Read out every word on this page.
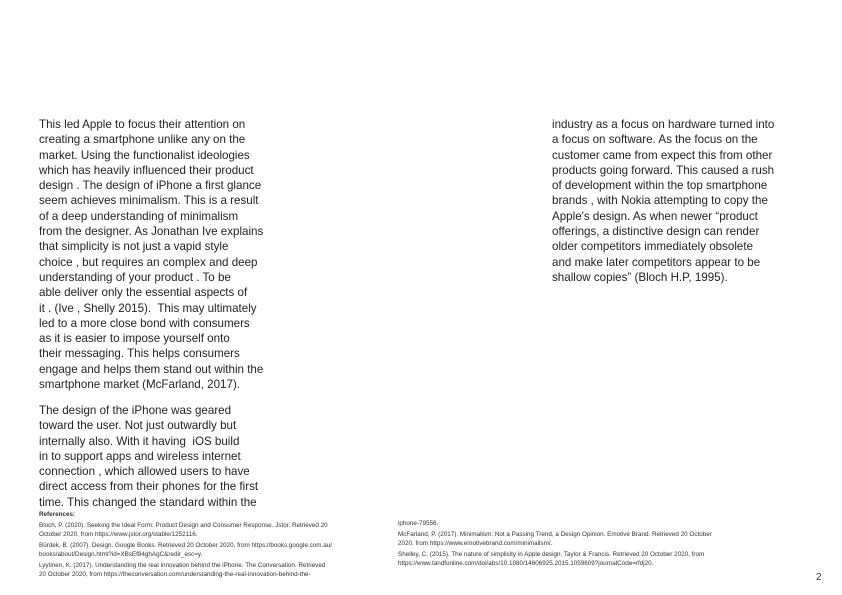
This led Apple to focus their attention on

creating a smartphone unlike any on the

market. Using the functionalist ideologies

which has heavily influenced their product

design . The design of iPhone a first glance

seem achieves minimalism. This is a result

of a deep understanding of minimalism

from the designer. As Jonathan Ive explains

that simplicity is not just a vapid style

choice , but requires an complex and deep

understanding of your product . To be

able deliver only the essential aspects of

it . (Ive , Shelly 2015).  This may ultimately

led to a more close bond with consumers

as it is easier to impose yourself onto

their messaging. This helps consumers

engage and helps them stand out within the

smartphone market (McFarland, 2017).

The design of the iPhone was geared

toward the user. Not just outwardly but

internally also. With it having  iOS build

in to support apps and wireless internet

connection , which allowed users to have

direct access from their phones for the first

time. This changed the standard within the

industry as a focus on hardware turned into

a focus on software. As the focus on the

customer came from expect this from other

products going forward. This caused a rush

of development within the top smartphone

brands , with Nokia attempting to copy the

Apple's design. As when newer “product

offerings, a distinctive design can render

older competitors immediately obsolete

and make later competitors appear to be

shallow copies” (Bloch H.P, 1995).

References:

Bloch, P. (2020). Seeking the Ideal Form: Product Design and Consumer Response. Jstor. Retrieved 20

October 2020, from https://www.jstor.org/stable/1252116.

Bürdek, B. (2007). Design. Google Books. Retrieved 20 October 2020, from https://books.google.com.au/

books/about/Design.html?id=XBsEf84ghAgC&redir_esc=y.

Lyytinen, K. (2017). Understanding the real innovation behind the iPhone. The Conversation. Retrieved

20 October 2020, from https://theconversation.com/understanding-the-real-innovation-behind-the-

iphone-79556.

McFarland, P. (2017). Minimalism: Not a Passing Trend, a Design Opinion. Emotive Brand. Retrieved 20 October

2020, from https://www.emotivebrand.com/minimalism/.

Shelley, C. (2015). The nature of simplicity in Apple design. Taylor & Francis. Retrieved 20 October 2020, from

https://www.tandfonline.com/doi/abs/10.1080/14606925.2015.1059609?journalCode=rfdj20.

2
